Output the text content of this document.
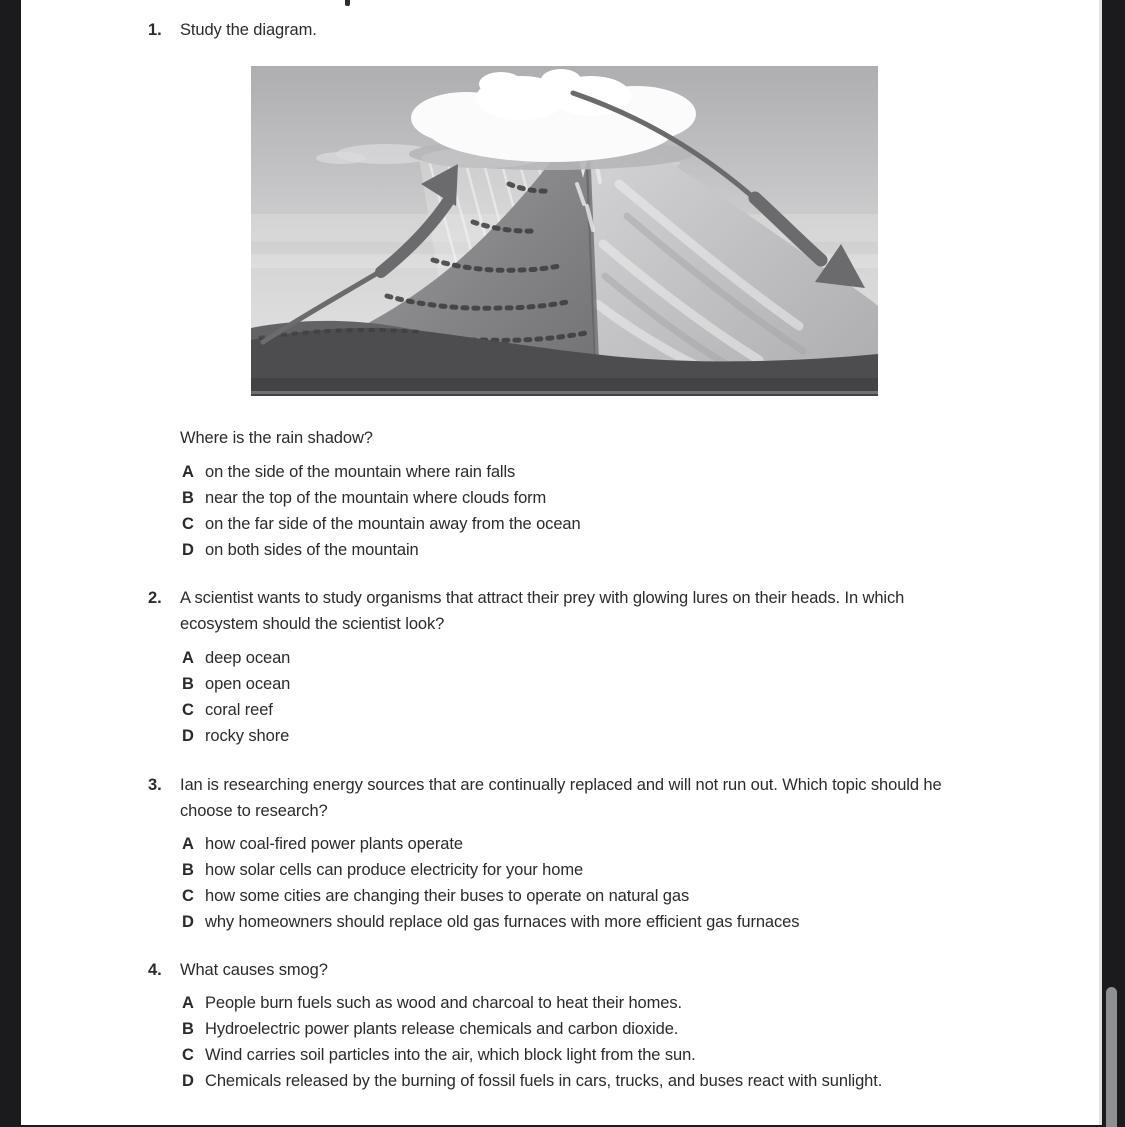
1.	Study the diagram.
Where is the rain shadow?
A on the side of the mountain where rain falls
B near the top of the mountain where clouds form
C on the far side of the mountain away from the ocean
D on both sides of the mountain
2.	A scientist wants to study organisms that attract their prey with glowing lures on their heads. In which ecosystem should the scientist look?
A deep ocean
B open ocean
C coral reef
D rocky shore
3.	Ian is researching energy sources that are continually replaced and will not run out. Which topic should he choose to research?
A how coal-fired power plants operate
B how solar cells can produce electricity for your home
C how some cities are changing their buses to operate on natural gas
D why homeowners should replace old gas furnaces with more efficient gas furnaces
4.	What causes smog?
A People burn fuels such as wood and charcoal to heat their homes.
B Hydroelectric power plants release chemicals and carbon dioxide.
C Wind carries soil particles into the air, which block light from the sun.
D Chemicals released by the burning of fossil fuels in cars, trucks, and buses react with sunlight.
